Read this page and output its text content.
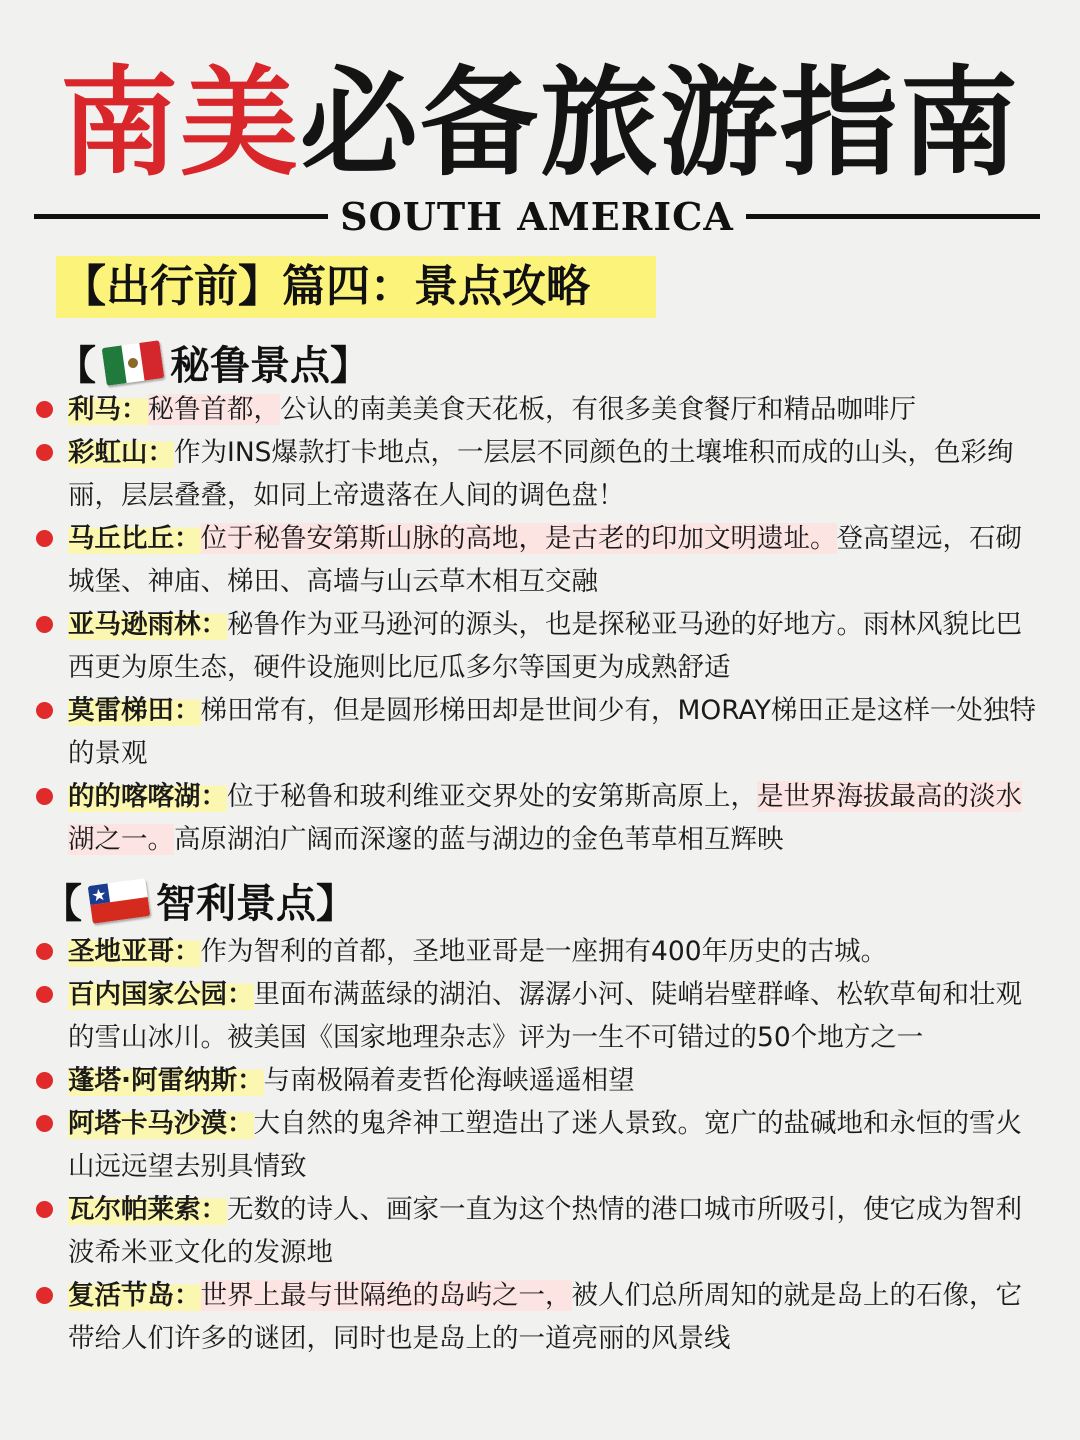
南美必备旅游指南
SOUTH AMERICA
【出行前】篇四：景点攻略
【 秘鲁景点 】
利马：秘鲁首都，公认的南美美食天花板，有很多美食餐厅和精品咖啡厅
彩虹山：作为INS爆款打卡地点，一层层不同颜色的土壤堆积而成的山头，色彩绚丽，层层叠叠，如同上帝遗落在人间的调色盘！
马丘比丘：位于秘鲁安第斯山脉的高地，是古老的印加文明遗址。登高望远，石砌城堡、神庙、梯田、高墙与山云草木相互交融
亚马逊雨林：秘鲁作为亚马逊河的源头，也是探秘亚马逊的好地方。雨林风貌比巴西更为原生态，硬件设施则比厄瓜多尔等国更为成熟舒适
莫雷梯田：梯田常有，但是圆形梯田却是世间少有，MORAY梯田正是这样一处独特的景观
的的喀喀湖：位于秘鲁和玻利维亚交界处的安第斯高原上，是世界海拔最高的淡水湖之一。高原湖泊广阔而深邃的蓝与湖边的金色苇草相互辉映
【 智利景点 】
圣地亚哥：作为智利的首都，圣地亚哥是一座拥有400年历史的古城。
百内国家公园：里面布满蓝绿的湖泊、潺潺小河、陡峭岩壁群峰、松软草甸和壮观的雪山冰川。被美国《国家地理杂志》评为一生不可错过的50个地方之一
蓬塔·阿雷纳斯：与南极隔着麦哲伦海峡遥遥相望
阿塔卡马沙漠：大自然的鬼斧神工塑造出了迷人景致。宽广的盐碱地和永恒的雪火山远远望去别具情致
瓦尔帕莱索：无数的诗人、画家一直为这个热情的港口城市所吸引，使它成为智利波希米亚文化的发源地
复活节岛：世界上最与世隔绝的岛屿之一，被人们总所周知的就是岛上的石像，它带给人们许多的谜团，同时也是岛上的一道亮丽的风景线
